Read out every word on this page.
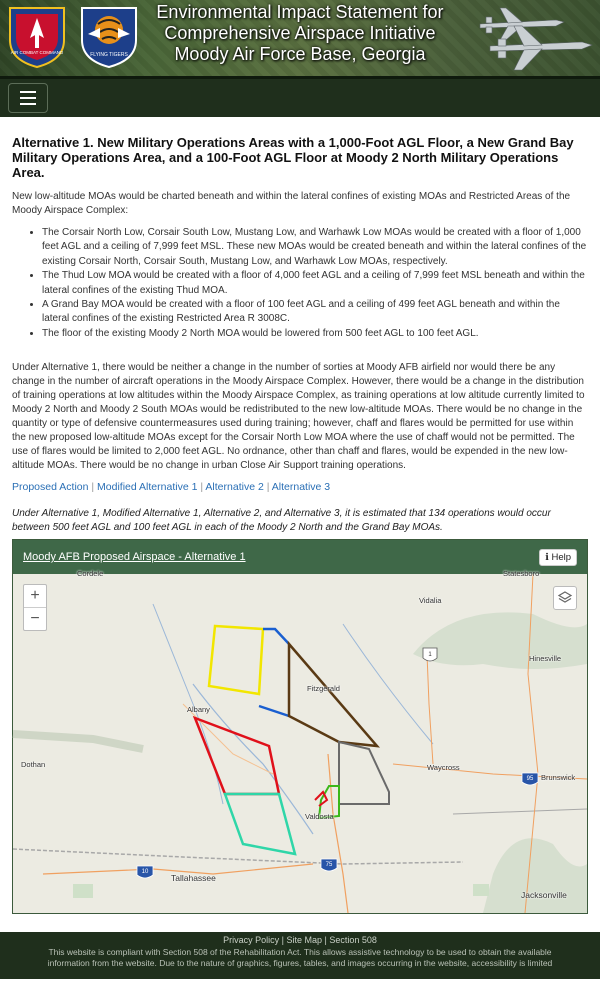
AIR COMBAT COMMAND	FLYING TIGERS
Environmental Impact Statement for
Comprehensive Airspace Initiative
Moody Air Force Base, Georgia
Alternative 1. New Military Operations Areas with a 1,000-Foot AGL Floor, a New Grand Bay Military Operations Area, and a 100-Foot AGL Floor at Moody 2 North Military Operations Area.

New low-altitude MOAs would be charted beneath and within the lateral confines of existing MOAs and Restricted Areas of the Moody Airspace Complex:

• The Corsair North Low, Corsair South Low, Mustang Low, and Warhawk Low MOAs would be created with a floor of 1,000 feet AGL and a ceiling of 7,999 feet MSL. These new MOAs would be created beneath and within the lateral confines of the existing Corsair North, Corsair South, Mustang Low, and Warhawk Low MOAs, respectively.
• The Thud Low MOA would be created with a floor of 4,000 feet AGL and a ceiling of 7,999 feet MSL beneath and within the lateral confines of the existing Thud MOA.
• A Grand Bay MOA would be created with a floor of 100 feet AGL and a ceiling of 499 feet AGL beneath and within the lateral confines of the existing Restricted Area R 3008C.
• The floor of the existing Moody 2 North MOA would be lowered from 500 feet AGL to 100 feet AGL.

Under Alternative 1, there would be neither a change in the number of sorties at Moody AFB airfield nor would there be any change in the number of aircraft operations in the Moody Airspace Complex. However, there would be a change in the distribution of training operations at low altitudes within the Moody Airspace Complex, as training operations at low altitude currently limited to Moody 2 North and Moody 2 South MOAs would be redistributed to the new low-altitude MOAs. There would be no change in the quantity or type of defensive countermeasures used during training; however, chaff and flares would be permitted for use within the new proposed low-altitude MOAs except for the Corsair North Low MOA where the use of chaff would not be permitted. The use of flares would be limited to 2,000 feet AGL. No ordnance, other than chaff and flares, would be expended in the new low-altitude MOAs. There would be no change in urban Close Air Support training operations.

Proposed Action | Modified Alternative 1 | Alternative 2 | Alternative 3

Under Alternative 1, Modified Alternative 1, Alternative 2, and Alternative 3, it is estimated that 134 operations would occur between 500 feet AGL and 100 feet AGL in each of the Moody 2 North and the Grand Bay MOAs.

Moody AFB Proposed Airspace - Alternative 1	ℹ Help
1
95
75
10
Cordele	Statesboro
Vidalia
Hinesville
Fitzgerald
Albany
Dothan	Waycross
Brunswick
Valdosta
Tallahassee
Jacksonville
+
−
Privacy Policy | Site Map | Section 508
This website is compliant with Section 508 of the Rehabilitation Act. This allows assistive technology to be used to obtain the available information from the website. Due to the nature of graphics, figures, tables, and images occurring in the website, accessibility is limited
